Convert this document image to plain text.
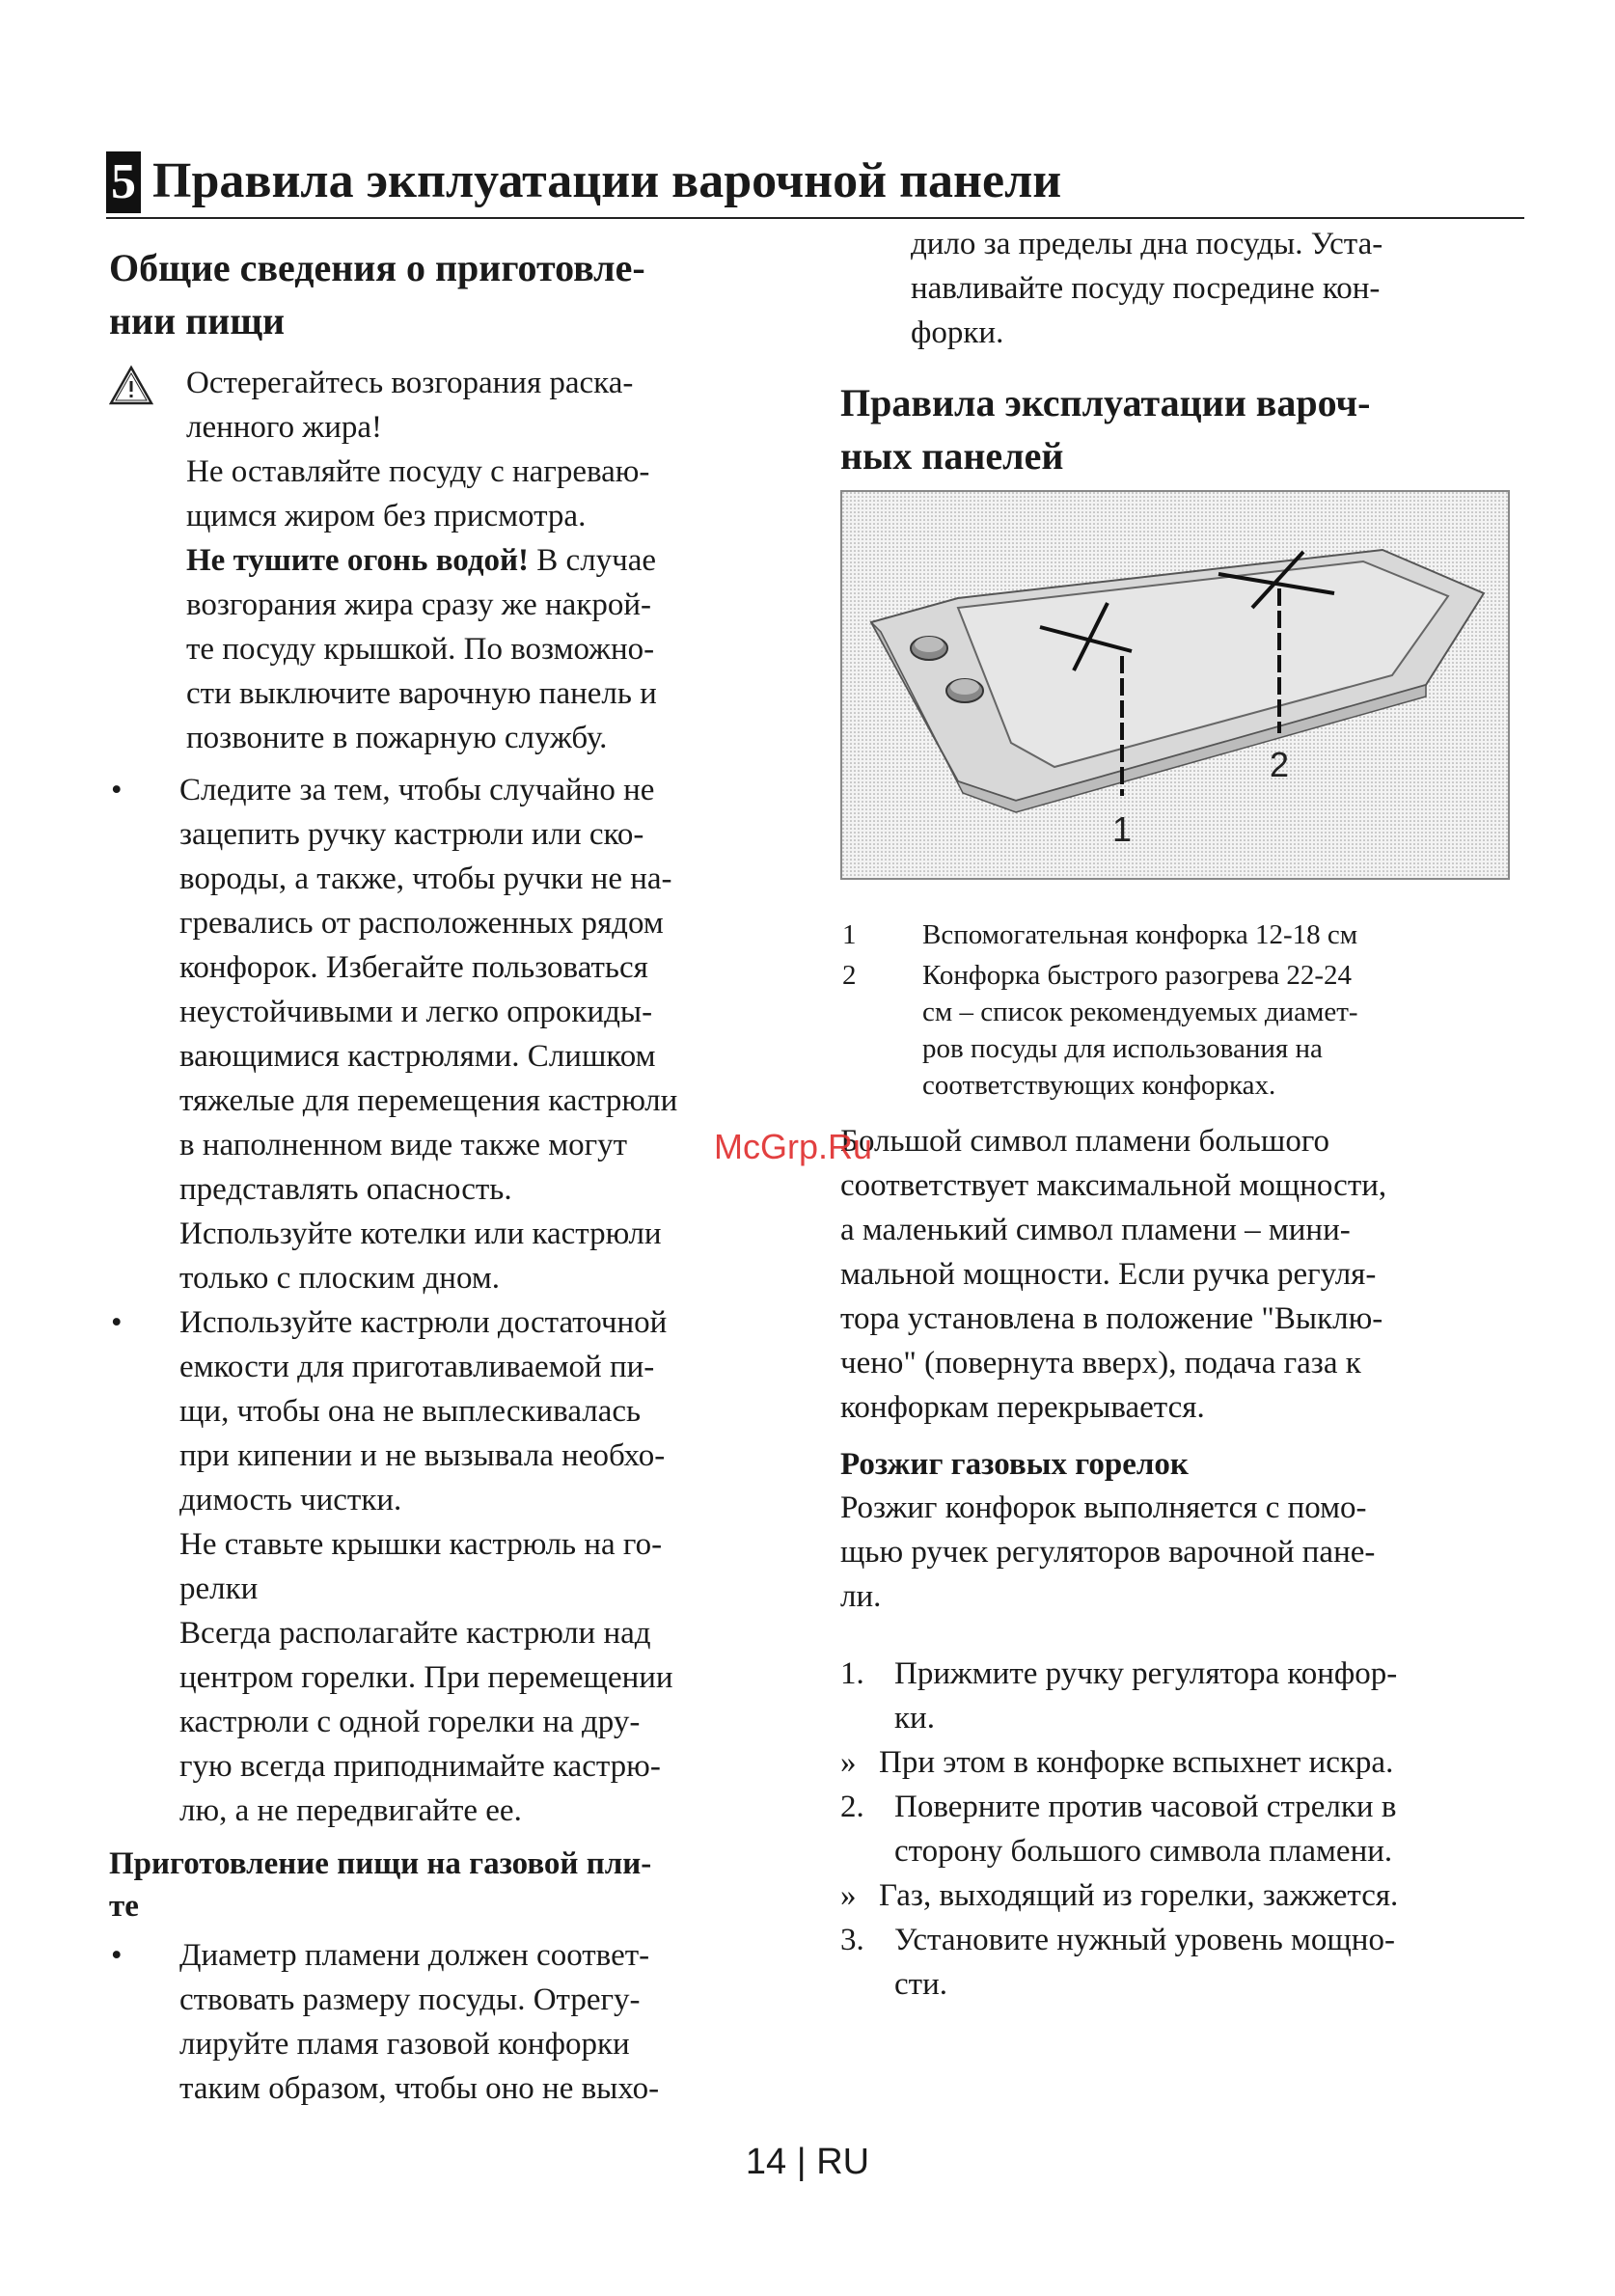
5 Правила экплуатации варочной панели
Общие сведения о приготовле-
нии пищи

Остерегайтесь возгорания раска-

ленного жира!

Не оставляйте посуду с нагреваю-

щимся жиром без присмотра.

Не тушите огонь водой! В случае

возгорания жира сразу же накрой-

те посуду крышкой. По возможно-

сти выключите варочную панель и

позвоните в пожарную службу.

• Следите за тем, чтобы случайно не

зацепить ручку кастрюли или ско-

вороды, а также, чтобы ручки не на-

гревались от расположенных рядом

конфорок. Избегайте пользоваться

неустойчивыми и легко опрокиды-

вающимися кастрюлями. Слишком

тяжелые для перемещения кастрюли

в наполненном виде также могут

представлять опасность.

Используйте котелки или кастрюли

только с плоским дном.

• Используйте кастрюли достаточной

емкости для приготавливаемой пи-

щи, чтобы она не выплескивалась

при кипении и не вызывала необхо-

димость чистки.

Не ставьте крышки кастрюль на го-

релки

Всегда располагайте кастрюли над

центром горелки. При перемещении

кастрюли с одной горелки на дру-

гую всегда приподнимайте кастрю-

лю, а не передвигайте ее.

Приготовление пищи на газовой пли-
те
• Диаметр пламени должен соответ-

ствовать размеру посуды. Отрегу-

лируйте пламя газовой конфорки

таким образом, чтобы оно не выхо-

дило за пределы дна посуды. Уста-

навливайте посуду посредине кон-

форки.

Правила эксплуатации вароч-
ных панелей
1
2
1 Вспомогательная конфорка 12-18 см
2 Конфорка быстрого разогрева 22-24
см – список рекомендуемых диамет-
ров посуды для использования на
соответствующих конфорках.

Большой символ пламени большого

соответствует максимальной мощности,

а маленький символ пламени – мини-

мальной мощности. Если ручка регуля-

тора установлена в положение "Выклю-

чено" (повернута вверх), подача газа к

конфоркам перекрывается.

Розжиг газовых горелок

Розжиг конфорок выполняется с помо-

щью ручек регуляторов варочной пане-

ли.

1. Прижмите ручку регулятора конфор-

ки.

» При этом в конфорке вспыхнет искра.

2. Поверните против часовой стрелки в

сторону большого символа пламени.

» Газ, выходящий из горелки, зажжется.

3. Установите нужный уровень мощно-

сти.

McGrp.Ru
14 | RU
